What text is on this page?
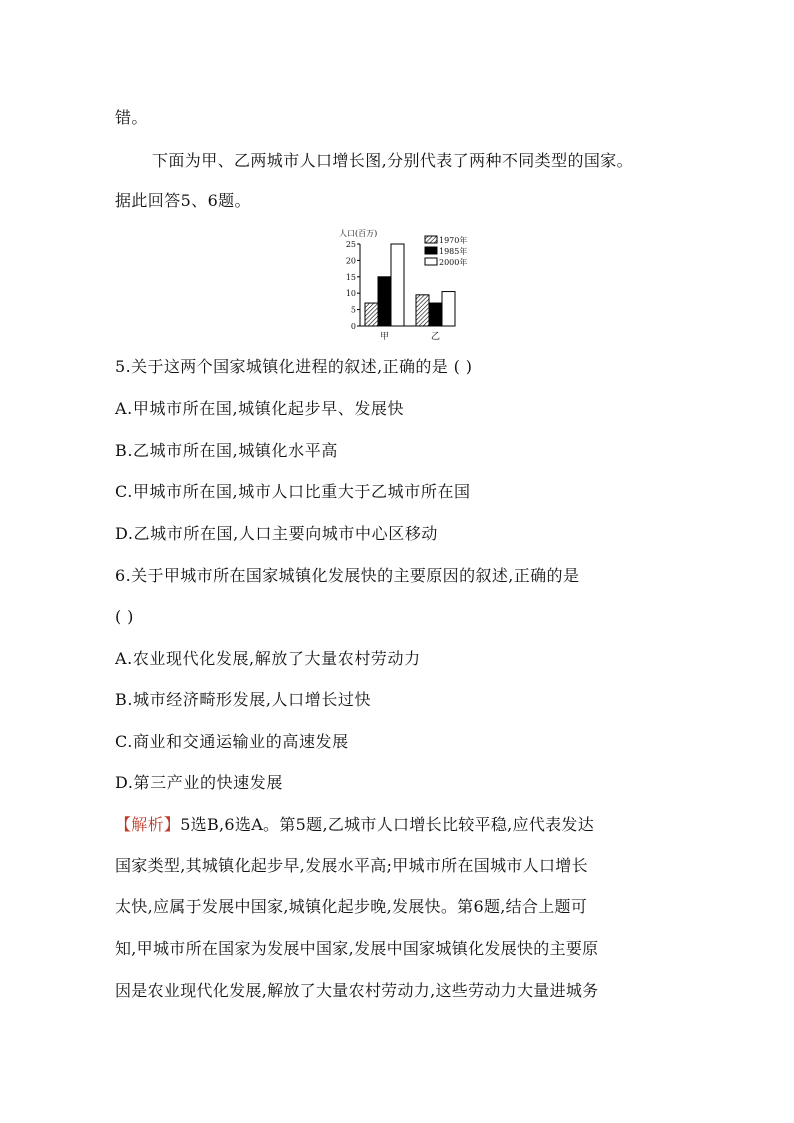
错。
下面为甲、乙两城市人口增长图,分别代表了两种不同类型的国家。
据此回答5、6题。
人口(百万)
25
20
15
10
5
0
甲	乙
1970年
1985年
2000年
5.关于这两个国家城镇化进程的叙述,正确的是 ( )
A.甲城市所在国,城镇化起步早、发展快
B.乙城市所在国,城镇化水平高
C.甲城市所在国,城市人口比重大于乙城市所在国
D.乙城市所在国,人口主要向城市中心区移动
6.关于甲城市所在国家城镇化发展快的主要原因的叙述,正确的是
( )
A.农业现代化发展,解放了大量农村劳动力
B.城市经济畸形发展,人口增长过快
C.商业和交通运输业的高速发展
D.第三产业的快速发展
【解析】5选B,6选A。第5题,乙城市人口增长比较平稳,应代表发达
国家类型,其城镇化起步早,发展水平高;甲城市所在国城市人口增长
太快,应属于发展中国家,城镇化起步晚,发展快。第6题,结合上题可
知,甲城市所在国家为发展中国家,发展中国家城镇化发展快的主要原
因是农业现代化发展,解放了大量农村劳动力,这些劳动力大量进城务
